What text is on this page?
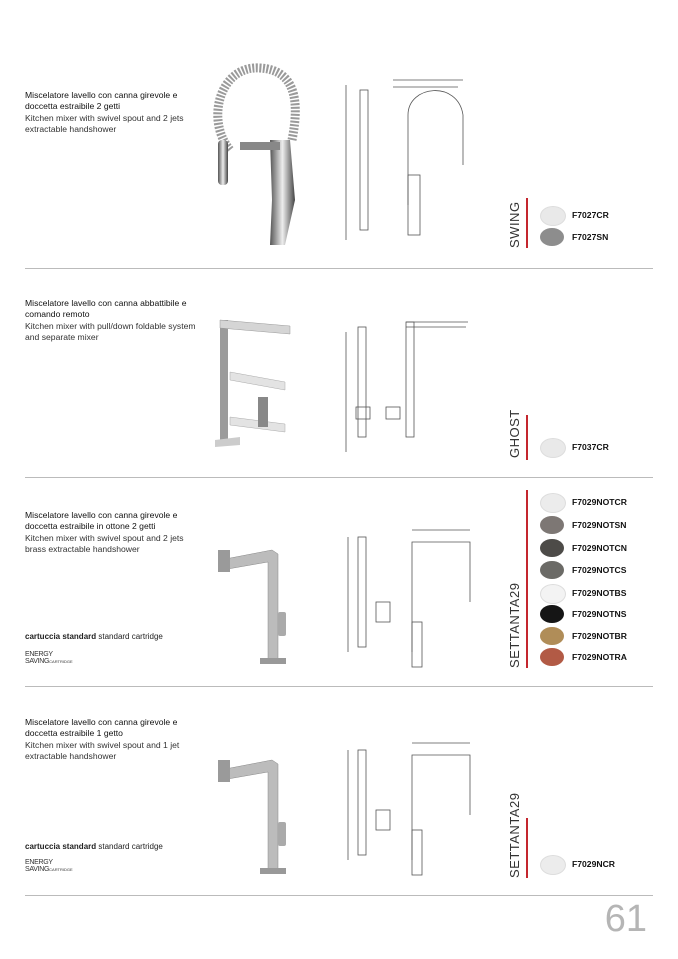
Miscelatore lavello con canna girevole e doccetta estraibile 2 getti
Kitchen mixer with swivel spout and 2 jets extractable handshower
SWING	F7027CR
F7027SN
Miscelatore lavello con canna abbattibile e comando remoto
Kitchen mixer with pull/down foldable system and separate mixer
GHOST	F7037CR
Miscelatore lavello con canna girevole e doccetta estraibile in ottone 2 getti
Kitchen mixer with swivel spout and 2 jets brass extractable handshower
cartuccia standard standard cartridge
ENERGY
SAVINGCARTRIDGE	SETTANTA29
F7029NOTCR
F7029NOTSN
F7029NOTCN
F7029NOTCS
F7029NOTBS
F7029NOTNS
F7029NOTBR
F7029NOTRA
Miscelatore lavello con canna girevole e doccetta estraibile 1 getto
Kitchen mixer with swivel spout and 1 jet extractable handshower
cartuccia standard standard cartridge
ENERGY
SAVINGCARTRIDGE	SETTANTA29	F7029NCR
61
